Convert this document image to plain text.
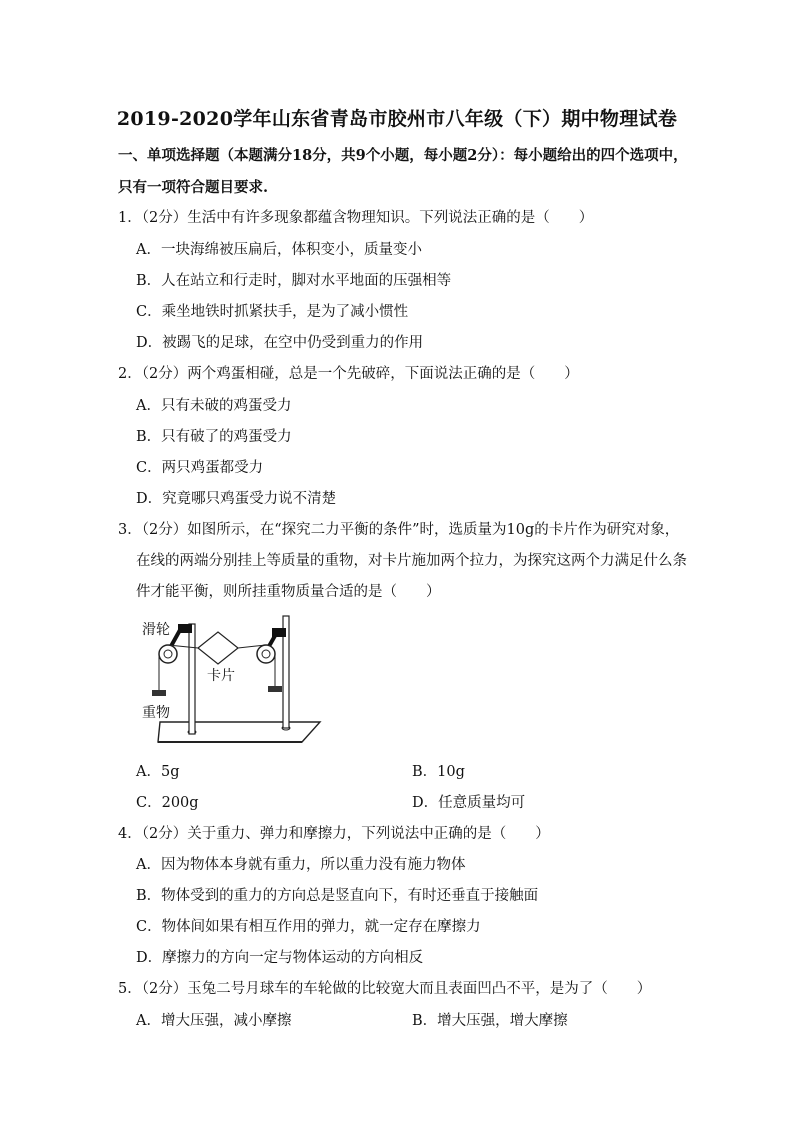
2019-2020学年山东省青岛市胶州市八年级（下）期中物理试卷
一、单项选择题（本题满分18分，共9个小题，每小题2分）：每小题给出的四个选项中，
只有一项符合题目要求.
1．（2分）生活中有许多现象都蕴含物理知识。下列说法正确的是（　　）
A．一块海绵被压扁后，体积变小，质量变小
B．人在站立和行走时，脚对水平地面的压强相等
C．乘坐地铁时抓紧扶手，是为了减小惯性
D．被踢飞的足球，在空中仍受到重力的作用
2．（2分）两个鸡蛋相碰，总是一个先破碎，下面说法正确的是（　　）
A．只有未破的鸡蛋受力
B．只有破了的鸡蛋受力
C．两只鸡蛋都受力
D．究竟哪只鸡蛋受力说不清楚
3．（2分）如图所示，在“探究二力平衡的条件”时，选质量为10g的卡片作为研究对象，
在线的两端分别挂上等质量的重物，对卡片施加两个拉力，为探究这两个力满足什么条
件才能平衡，则所挂重物质量合适的是（　　）
滑轮
卡片
重物
A．5g	B．10g
C．200g	D．任意质量均可
4．（2分）关于重力、弹力和摩擦力，下列说法中正确的是（　　）
A．因为物体本身就有重力，所以重力没有施力物体
B．物体受到的重力的方向总是竖直向下，有时还垂直于接触面
C．物体间如果有相互作用的弹力，就一定存在摩擦力
D．摩擦力的方向一定与物体运动的方向相反
5．（2分）玉兔二号月球车的车轮做的比较宽大而且表面凹凸不平，是为了（　　）
A．增大压强，减小摩擦	B．增大压强，增大摩擦
